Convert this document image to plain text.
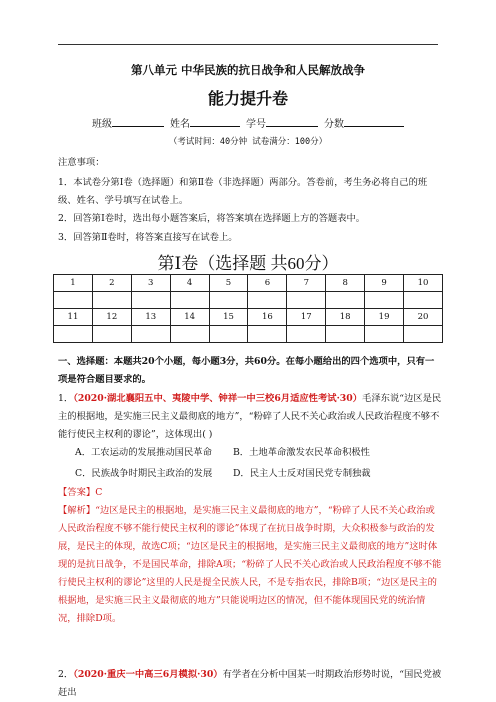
第八单元 中华民族的抗日战争和人民解放战争
能力提升卷
班级	姓名	学号	分数
（考试时间：40分钟 试卷满分：100分）
注意事项：
1．本试卷分第Ⅰ卷（选择题）和第Ⅱ卷（非选择题）两部分。答卷前，考生务必将自己的班级、姓名、学号填写在试卷上。
2．回答第Ⅰ卷时，选出每小题答案后，将答案填在选择题上方的答题表中。
3．回答第Ⅱ卷时，将答案直接写在试卷上。
第Ⅰ卷（选择题 共60分）
1	2	3	4	5	6	7	8	9	10

11	12	13	14	15	16	17	18	19	20

一、选择题：本题共20个小题，每小题3分，共60分。在每小题给出的四个选项中，只有一项是符合题目要求的。
1．（2020·湖北襄阳五中、夷陵中学、钟祥一中三校6月适应性考试·30）毛泽东说“边区是民主的根据地，是实施三民主义最彻底的地方”，“粉碎了人民不关心政治或人民政治程度不够不能行使民主权利的谬论”，这体现出( )
A．工农运动的发展推动国民革命 B．土地革命激发农民革命积极性
C．民族战争时期民主政治的发展 D．民主人士反对国民党专制独裁
【答案】C
【解析】“边区是民主的根据地，是实施三民主义最彻底的地方”，“粉碎了人民不关心政治或人民政治程度不够不能行使民主权利的谬论”体现了在抗日战争时期，大众积极参与政治的发展，是民主的体现，故选C项；“边区是民主的根据地，是实施三民主义最彻底的地方”这时体现的是抗日战争，不是国民革命，排除A项；“粉碎了人民不关心政治或人民政治程度不够不能行使民主权利的谬论”这里的人民是提全民族人民，不是专指农民，排除B项；“边区是民主的根据地，是实施三民主义最彻底的地方”只能说明边区的情况，但不能体现国民党的统治情况，排除D项。
2．（2020·重庆一中高三6月模拟·30）有学者在分析中国某一时期政治形势时说，“国民党被赶出
